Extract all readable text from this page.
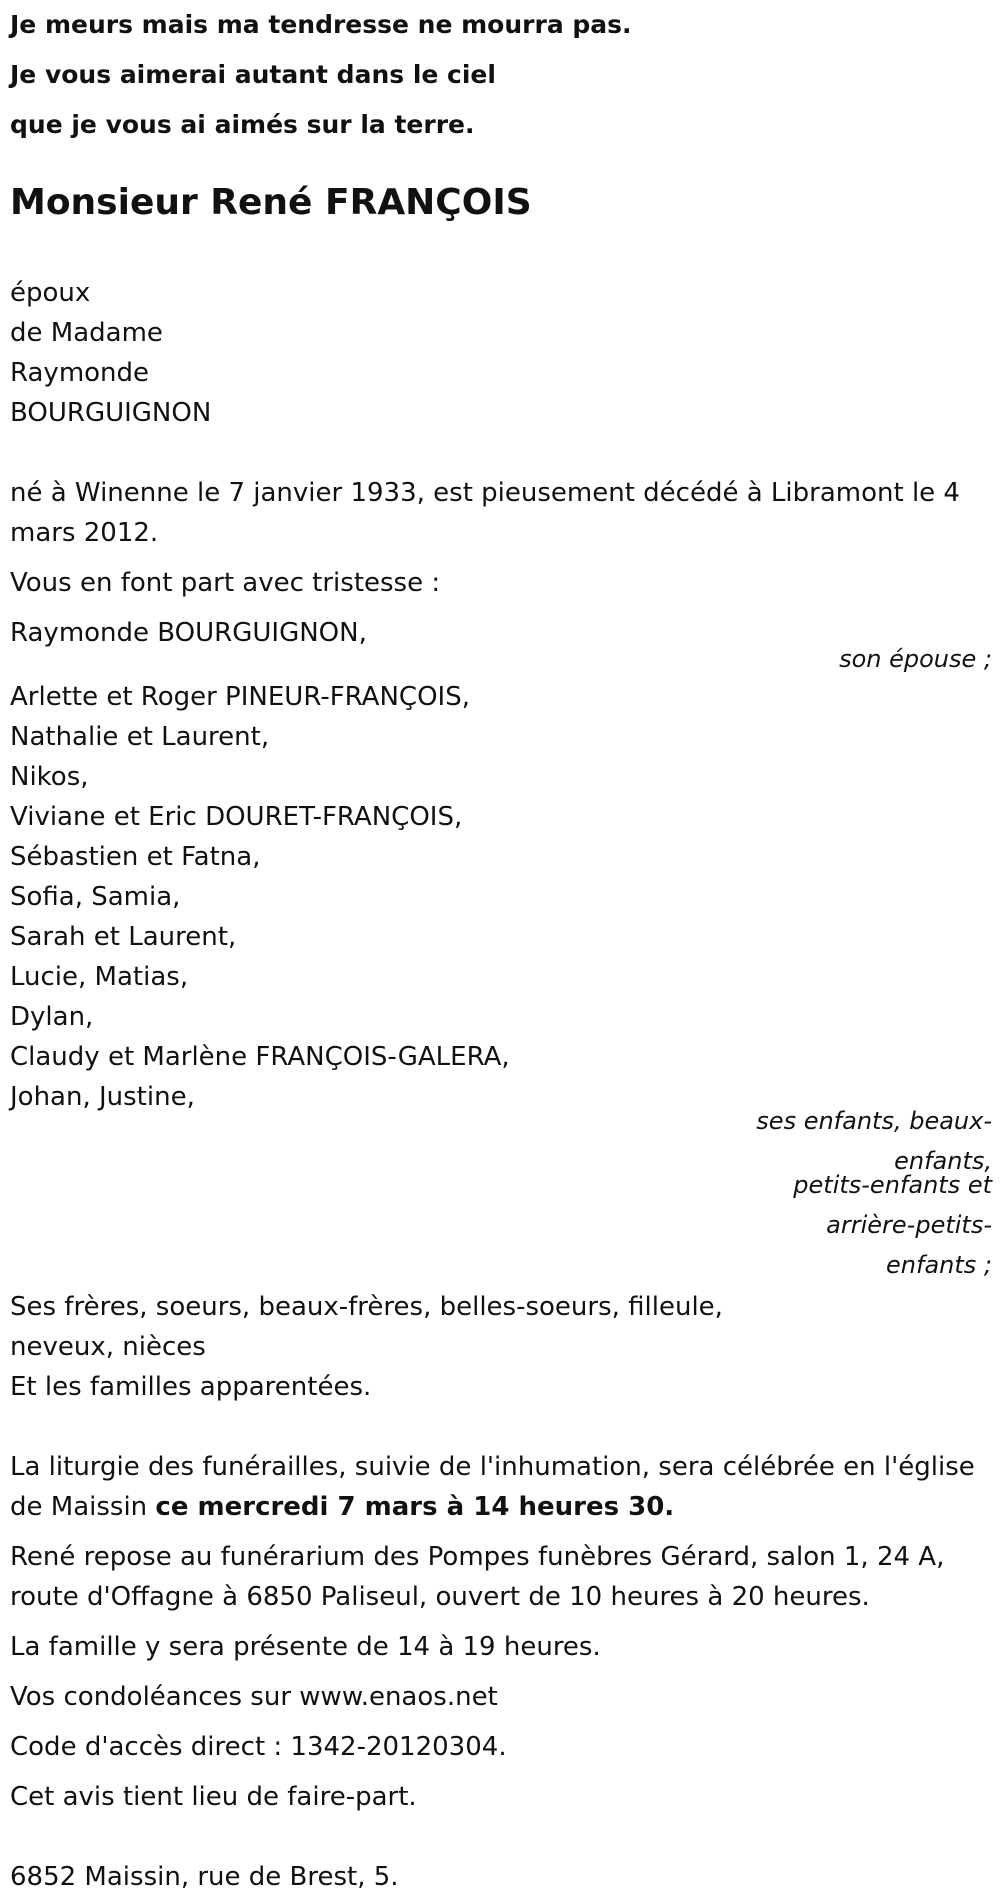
Je meurs mais ma tendresse ne mourra pas.
Je vous aimerai autant dans le ciel
que je vous ai aimés sur la terre.
Monsieur René FRANÇOIS
époux
de Madame
Raymonde
BOURGUIGNON
né à Winenne le 7 janvier 1933, est pieusement décédé à Libramont le 4
mars 2012.
Vous en font part avec tristesse :
Raymonde BOURGUIGNON,
son épouse ;
Arlette et Roger PINEUR-FRANÇOIS,
Nathalie et Laurent,
Nikos,
Viviane et Eric DOURET-FRANÇOIS,
Sébastien et Fatna,
Sofia, Samia,
Sarah et Laurent,
Lucie, Matias,
Dylan,
Claudy et Marlène FRANÇOIS-GALERA,
Johan, Justine,
ses enfants, beaux-
enfants,
petits-enfants et
arrière-petits-
enfants ;
Ses frères, soeurs, beaux-frères, belles-soeurs, filleule,
neveux, nièces
Et les familles apparentées.
La liturgie des funérailles, suivie de l'inhumation, sera célébrée en l'église
de Maissin ce mercredi 7 mars à 14 heures 30.
René repose au funérarium des Pompes funèbres Gérard, salon 1, 24 A,
route d'Offagne à 6850 Paliseul, ouvert de 10 heures à 20 heures.
La famille y sera présente de 14 à 19 heures.
Vos condoléances sur www.enaos.net
Code d'accès direct : 1342-20120304.
Cet avis tient lieu de faire-part.
6852 Maissin, rue de Brest, 5.
